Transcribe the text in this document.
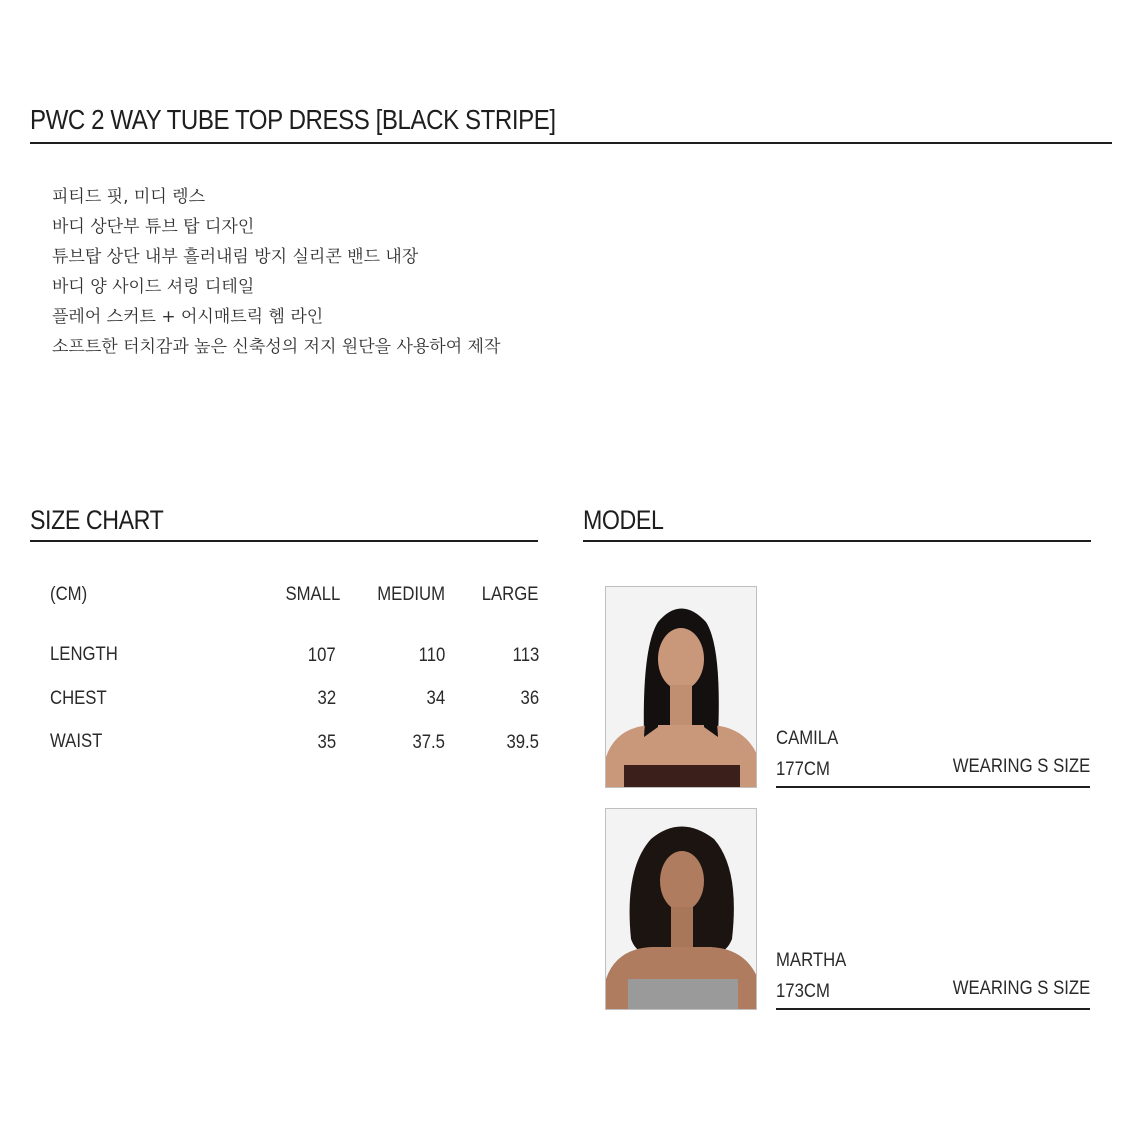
PWC 2 WAY TUBE TOP DRESS [BLACK STRIPE]
피티드 핏, 미디 렝스
바디 상단부 튜브 탑 디자인
튜브탑 상단 내부 흘러내림 방지 실리콘 밴드 내장
바디 양 사이드 셔링 디테일
플레어 스커트 + 어시매트릭 헴 라인
소프트한 터치감과 높은 신축성의 저지 원단을 사용하여 제작
SIZE CHART
(CM)	SMALL MEDIUM LARGE
LENGTH	107	110	113
CHEST	32	34	36
WAIST	35	37.5	39.5
MODEL
CAMILA
177CM	WEARING S SIZE
MARTHA
173CM	WEARING S SIZE
